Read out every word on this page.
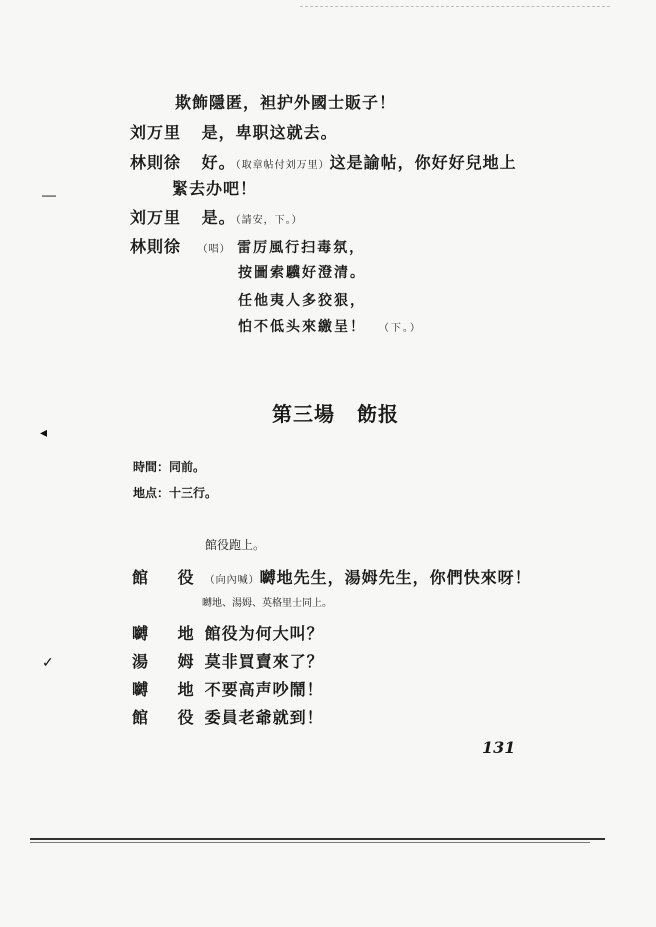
欺飾隱匿，袒护外國士販子！
刘万里 是，卑职这就去。
林則徐 好。（取章帖付刘万里）这是諭帖，你好好兒地上
緊去办吧！
刘万里 是。（請安，下。）
林則徐 （唱） 雷厉風行扫毒氛，
按圖索驥好澄清。
任他夷人多狡狠，
怕不低头來繳呈！ （下。）
第三場 飭报
時間：同前。
地点：十三行。
館役跑上。
館 役 （向內喊）嚩地先生，湯姆先生，你們快來呀！
嚩地、湯姆、英格里士同上。
嚩 地 館役为何大叫？
湯 姆 莫非買賣來了？
嚩 地 不要高声吵鬧！
館 役 委員老爺就到！
131
―
◂
✓
